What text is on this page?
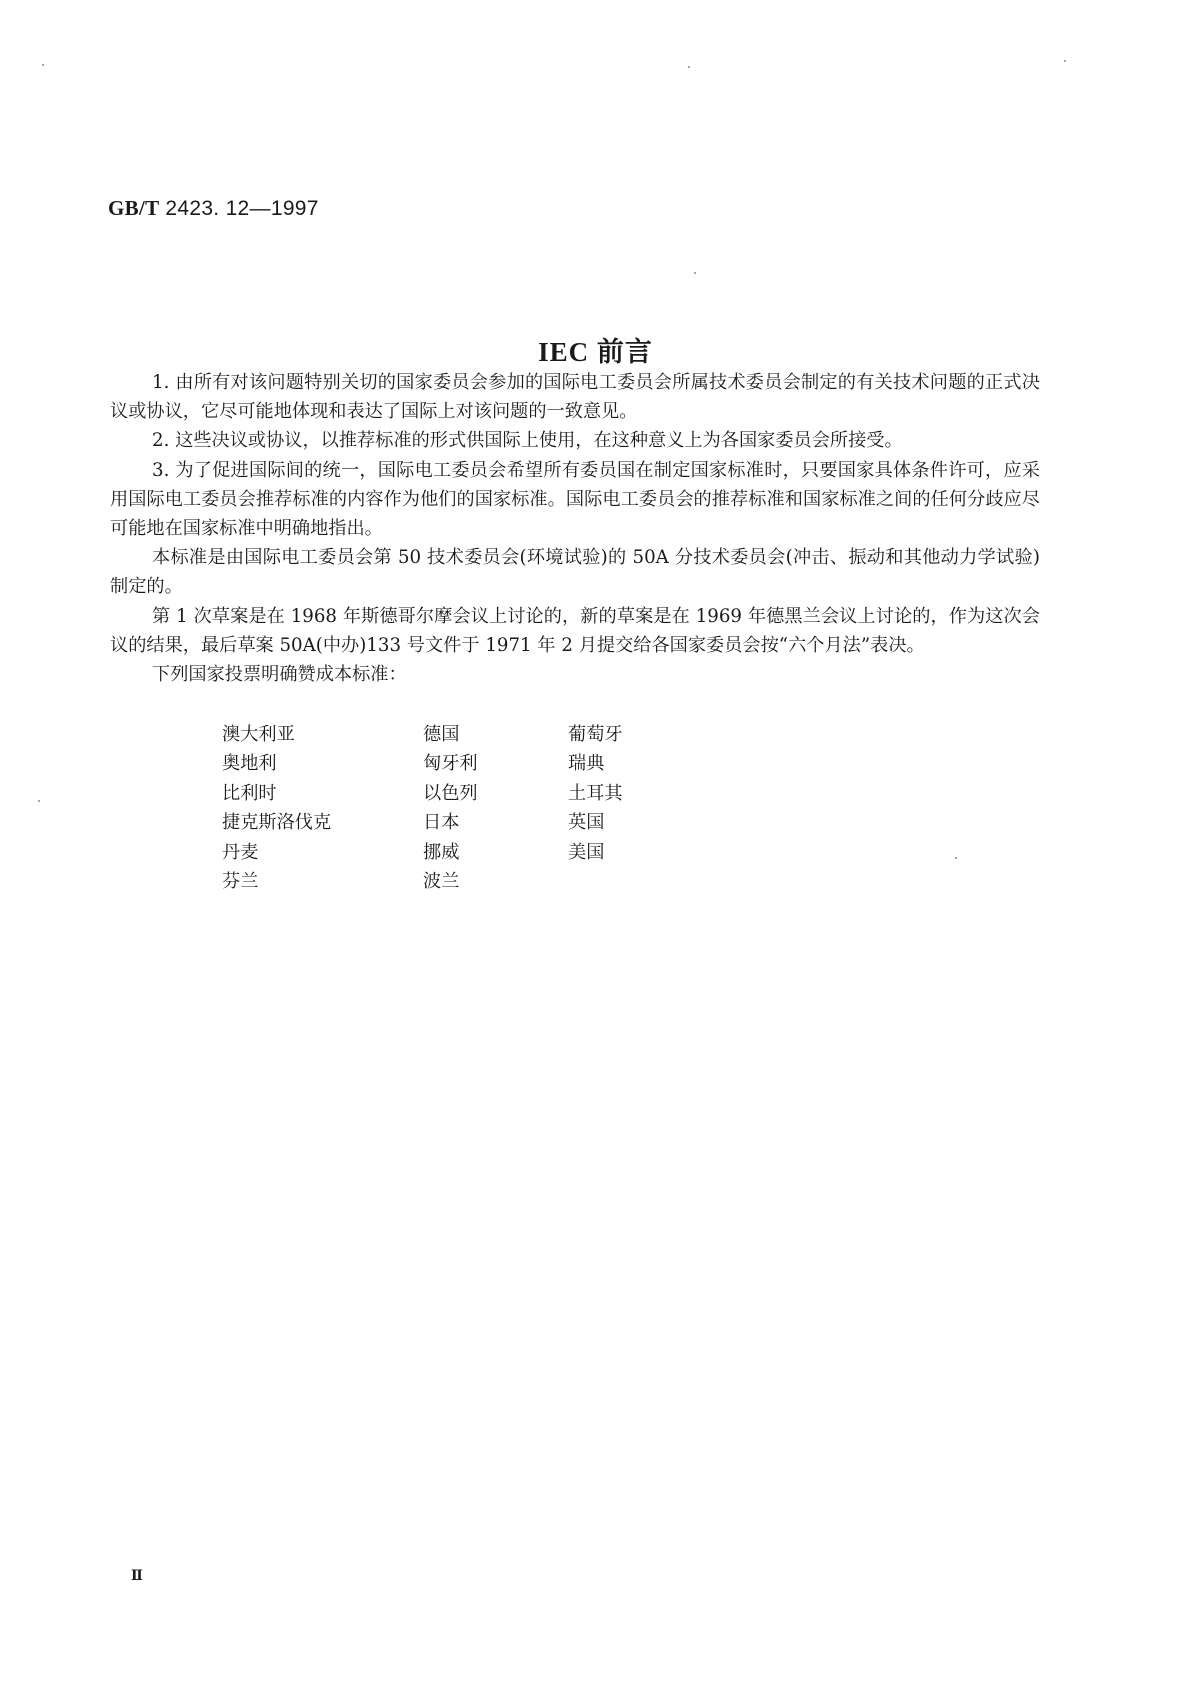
GB/T 2423. 12—1997
IEC 前言

1. 由所有对该问题特别关切的国家委员会参加的国际电工委员会所属技术委员会制定的有关技术问题的正式决议或协议，它尽可能地体现和表达了国际上对该问题的一致意见。

2. 这些决议或协议，以推荐标准的形式供国际上使用，在这种意义上为各国家委员会所接受。

3. 为了促进国际间的统一，国际电工委员会希望所有委员国在制定国家标准时，只要国家具体条件许可，应采用国际电工委员会推荐标准的内容作为他们的国家标准。国际电工委员会的推荐标准和国家标准之间的任何分歧应尽可能地在国家标准中明确地指出。

本标准是由国际电工委员会第 50 技术委员会(环境试验)的 50A 分技术委员会(冲击、振动和其他动力学试验)制定的。

第 1 次草案是在 1968 年斯德哥尔摩会议上讨论的，新的草案是在 1969 年德黑兰会议上讨论的，作为这次会议的结果，最后草案 50A(中办)133 号文件于 1971 年 2 月提交给各国家委员会按“六个月法”表决。

下列国家投票明确赞成本标准：

澳大利亚	德国	葡萄牙
奥地利	匈牙利	瑞典
比利时	以色列	土耳其
捷克斯洛伐克	日本	英国
丹麦	挪威	美国
芬兰	波兰
Ⅱ
